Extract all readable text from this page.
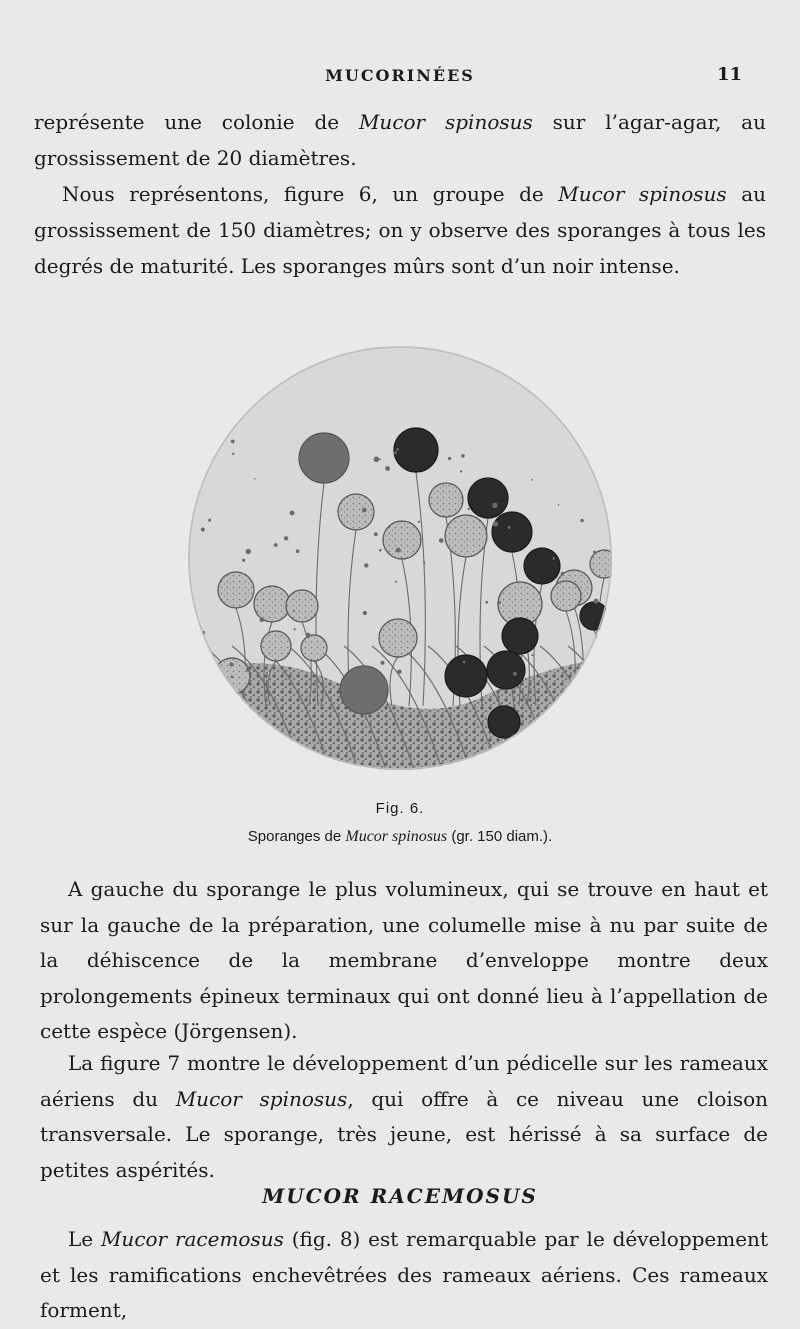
MUCORINÉES	11

représente une colonie de Mucor spinosus sur l’agar-agar, au grossissement de 20 diamètres.

Nous représentons, figure 6, un groupe de Mucor spinosus au grossissement de 150 diamètres; on y observe des sporanges à tous les degrés de maturité. Les sporanges mûrs sont d’un noir intense.

Fig. 6.
Sporanges de Mucor spinosus (gr. 150 diam.).

A gauche du sporange le plus volumineux, qui se trouve en haut et sur la gauche de la préparation, une columelle mise à nu par suite de la déhiscence de la membrane d’enveloppe montre deux prolongements épineux terminaux qui ont donné lieu à l’appellation de cette espèce (Jörgensen).

La figure 7 montre le développement d’un pédicelle sur les rameaux aériens du Mucor spinosus, qui offre à ce niveau une cloison transversale. Le sporange, très jeune, est hérissé à sa surface de petites aspérités.

MUCOR RACEMOSUS

Le Mucor racemosus (fig. 8) est remarquable par le développement et les ramifications enchevêtrées des rameaux aériens. Ces rameaux forment,
